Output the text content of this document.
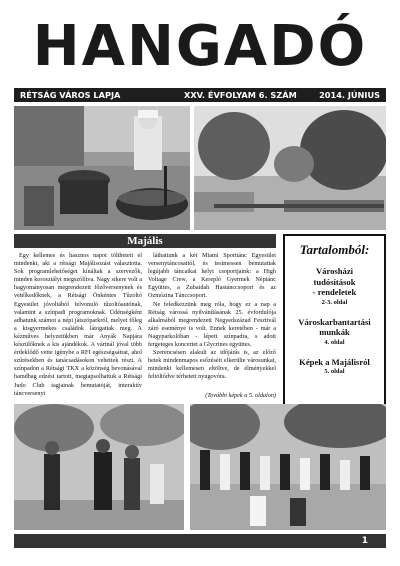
HANGADÓ
RÉTSÁG VÁROS LAPJA	XXV. ÉVFOLYAM 6. SZÁM	2014. JÚNIUS
Majális

Egy kellemes és hasznos napot tölthetett el mindenki, aki a rétsági Majálisozást választotta. Sok programlehetőséget kínáltak a szervezők, minden korosztályt megszólítva. Nagy sikere volt a hagyományosan megrendezett főzőversenynek és vetélkedőknek, a Rétsági Önkéntes Tűzoltó Egyesület jóvoltából felvonuló tűzoltóautónak, valamint a színpadi programoknak. Üdénségként adhatunk számot a népi játszóparkról, melyet főleg a kisgyermekes családok látogattak meg. A kézműves helyzetükben már Anyák Napjára készülőknek a kis ajándékok. A vártnál jóval több érdeklődő vette igénybe a RFI egészségsátrat, ahol szűrésekben és tanácsadásokon vehettek részt. A színpadon a Rétsági TKX a közönség bevonásával hamdbag edzést tartott, megtapsolhattuk a Rétsági Judo Club tagjainak bemutatóját, interaktív táncversenyt

láthattunk a két Miami Sporttánc Egyesület versenytáncosaitól, és testmessen bemutattak legújabb táncaikat helyi csoportjaink: a High Voltage Crew, a Kerepló Gyermek Néptánc Együttes, a Zubaidah Hastánccsoport és az Ozmózina Tánccsoport.

Ne feledkezzünk meg róla, hogy ez a nap a Rétság várossá nyilvánításának 25. évfordulója alkalmából megrendezett Negyedszázad Fesztivál záró eseménye is volt. Ennek keretében - már a Nagyparkolóban - lépett színpadra, s adott fergeteges koncertet a Glycrines együttes.

Szerencsésen alakult az időjárás is, az előző hetek mindenmapos esőzéséit elkerülte városunkat, mindenki kellemesen eltöltve, de élményekkel feltöltődve térhetett nyugovóra.

(További képek a 5. oldalon)
Tartalomból:
Városházi
tudósítások
- rendeletek
2-3. oldal
Városkarbantartási
munkák
4. oldal
Képek a Majálisról
5. oldal
1
